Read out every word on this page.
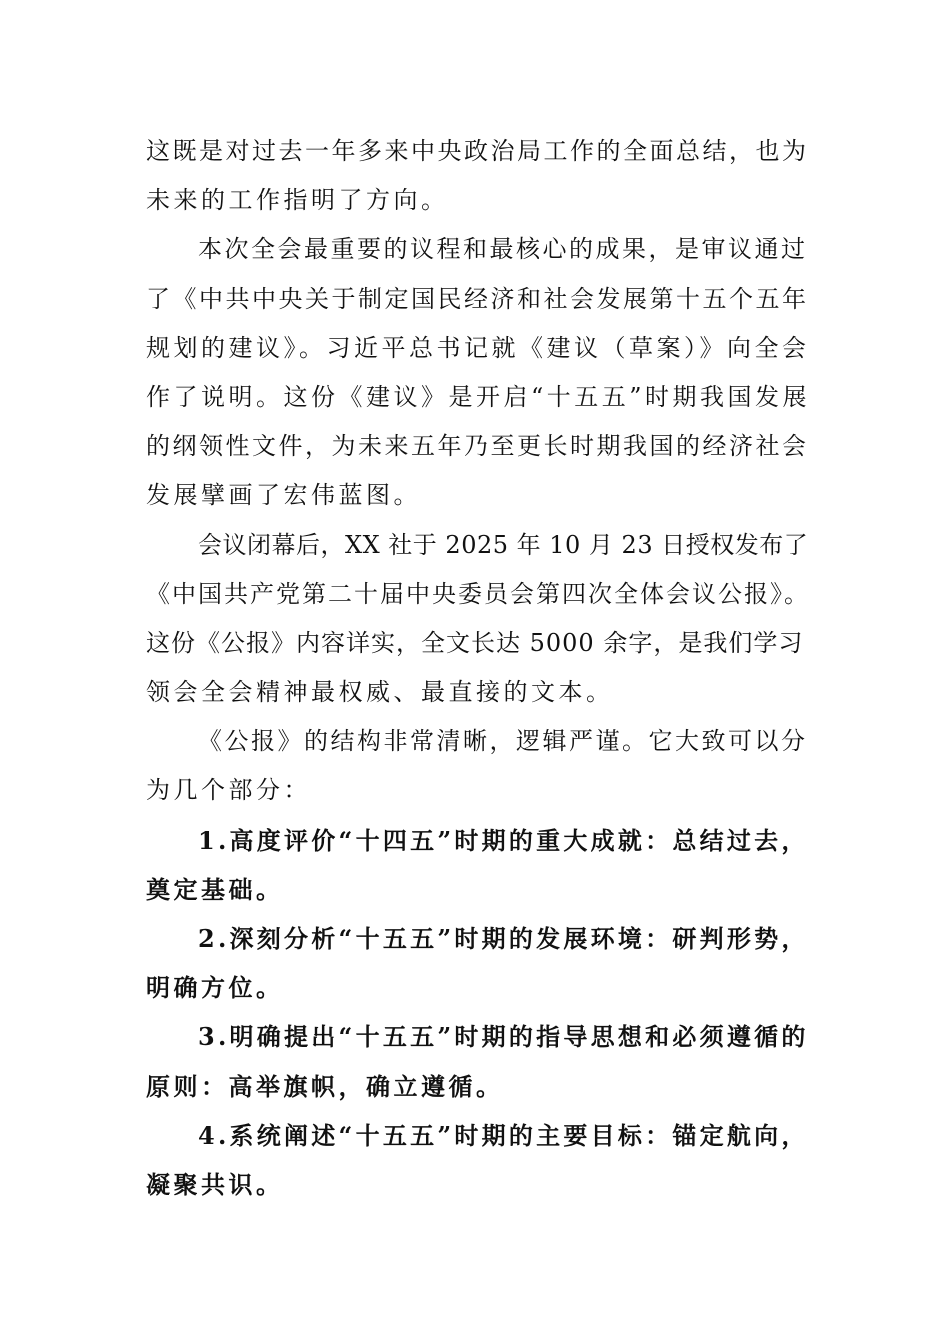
这既是对过去一年多来中央政治局工作的全面总结，也为
未来的工作指明了方向。
本次全会最重要的议程和最核心的成果，是审议通过
了《中共中央关于制定国民经济和社会发展第十五个五年
规划的建议》。习近平总书记就《建议（草案）》向全会
作了说明。这份《建议》是开启“十五五”时期我国发展
的纲领性文件，为未来五年乃至更长时期我国的经济社会
发展擘画了宏伟蓝图。
会议闭幕后，XX 社于 2025 年 10 月 23 日授权发布了
《中国共产党第二十届中央委员会第四次全体会议公报》。
这份《公报》内容详实，全文长达 5000 余字，是我们学习
领会全会精神最权威、最直接的文本。
《公报》的结构非常清晰，逻辑严谨。它大致可以分
为几个部分：
1.高度评价“十四五”时期的重大成就：总结过去，
奠定基础。
2.深刻分析“十五五”时期的发展环境：研判形势，
明确方位。
3.明确提出“十五五”时期的指导思想和必须遵循的
原则：高举旗帜，确立遵循。
4.系统阐述“十五五”时期的主要目标：锚定航向，
凝聚共识。
